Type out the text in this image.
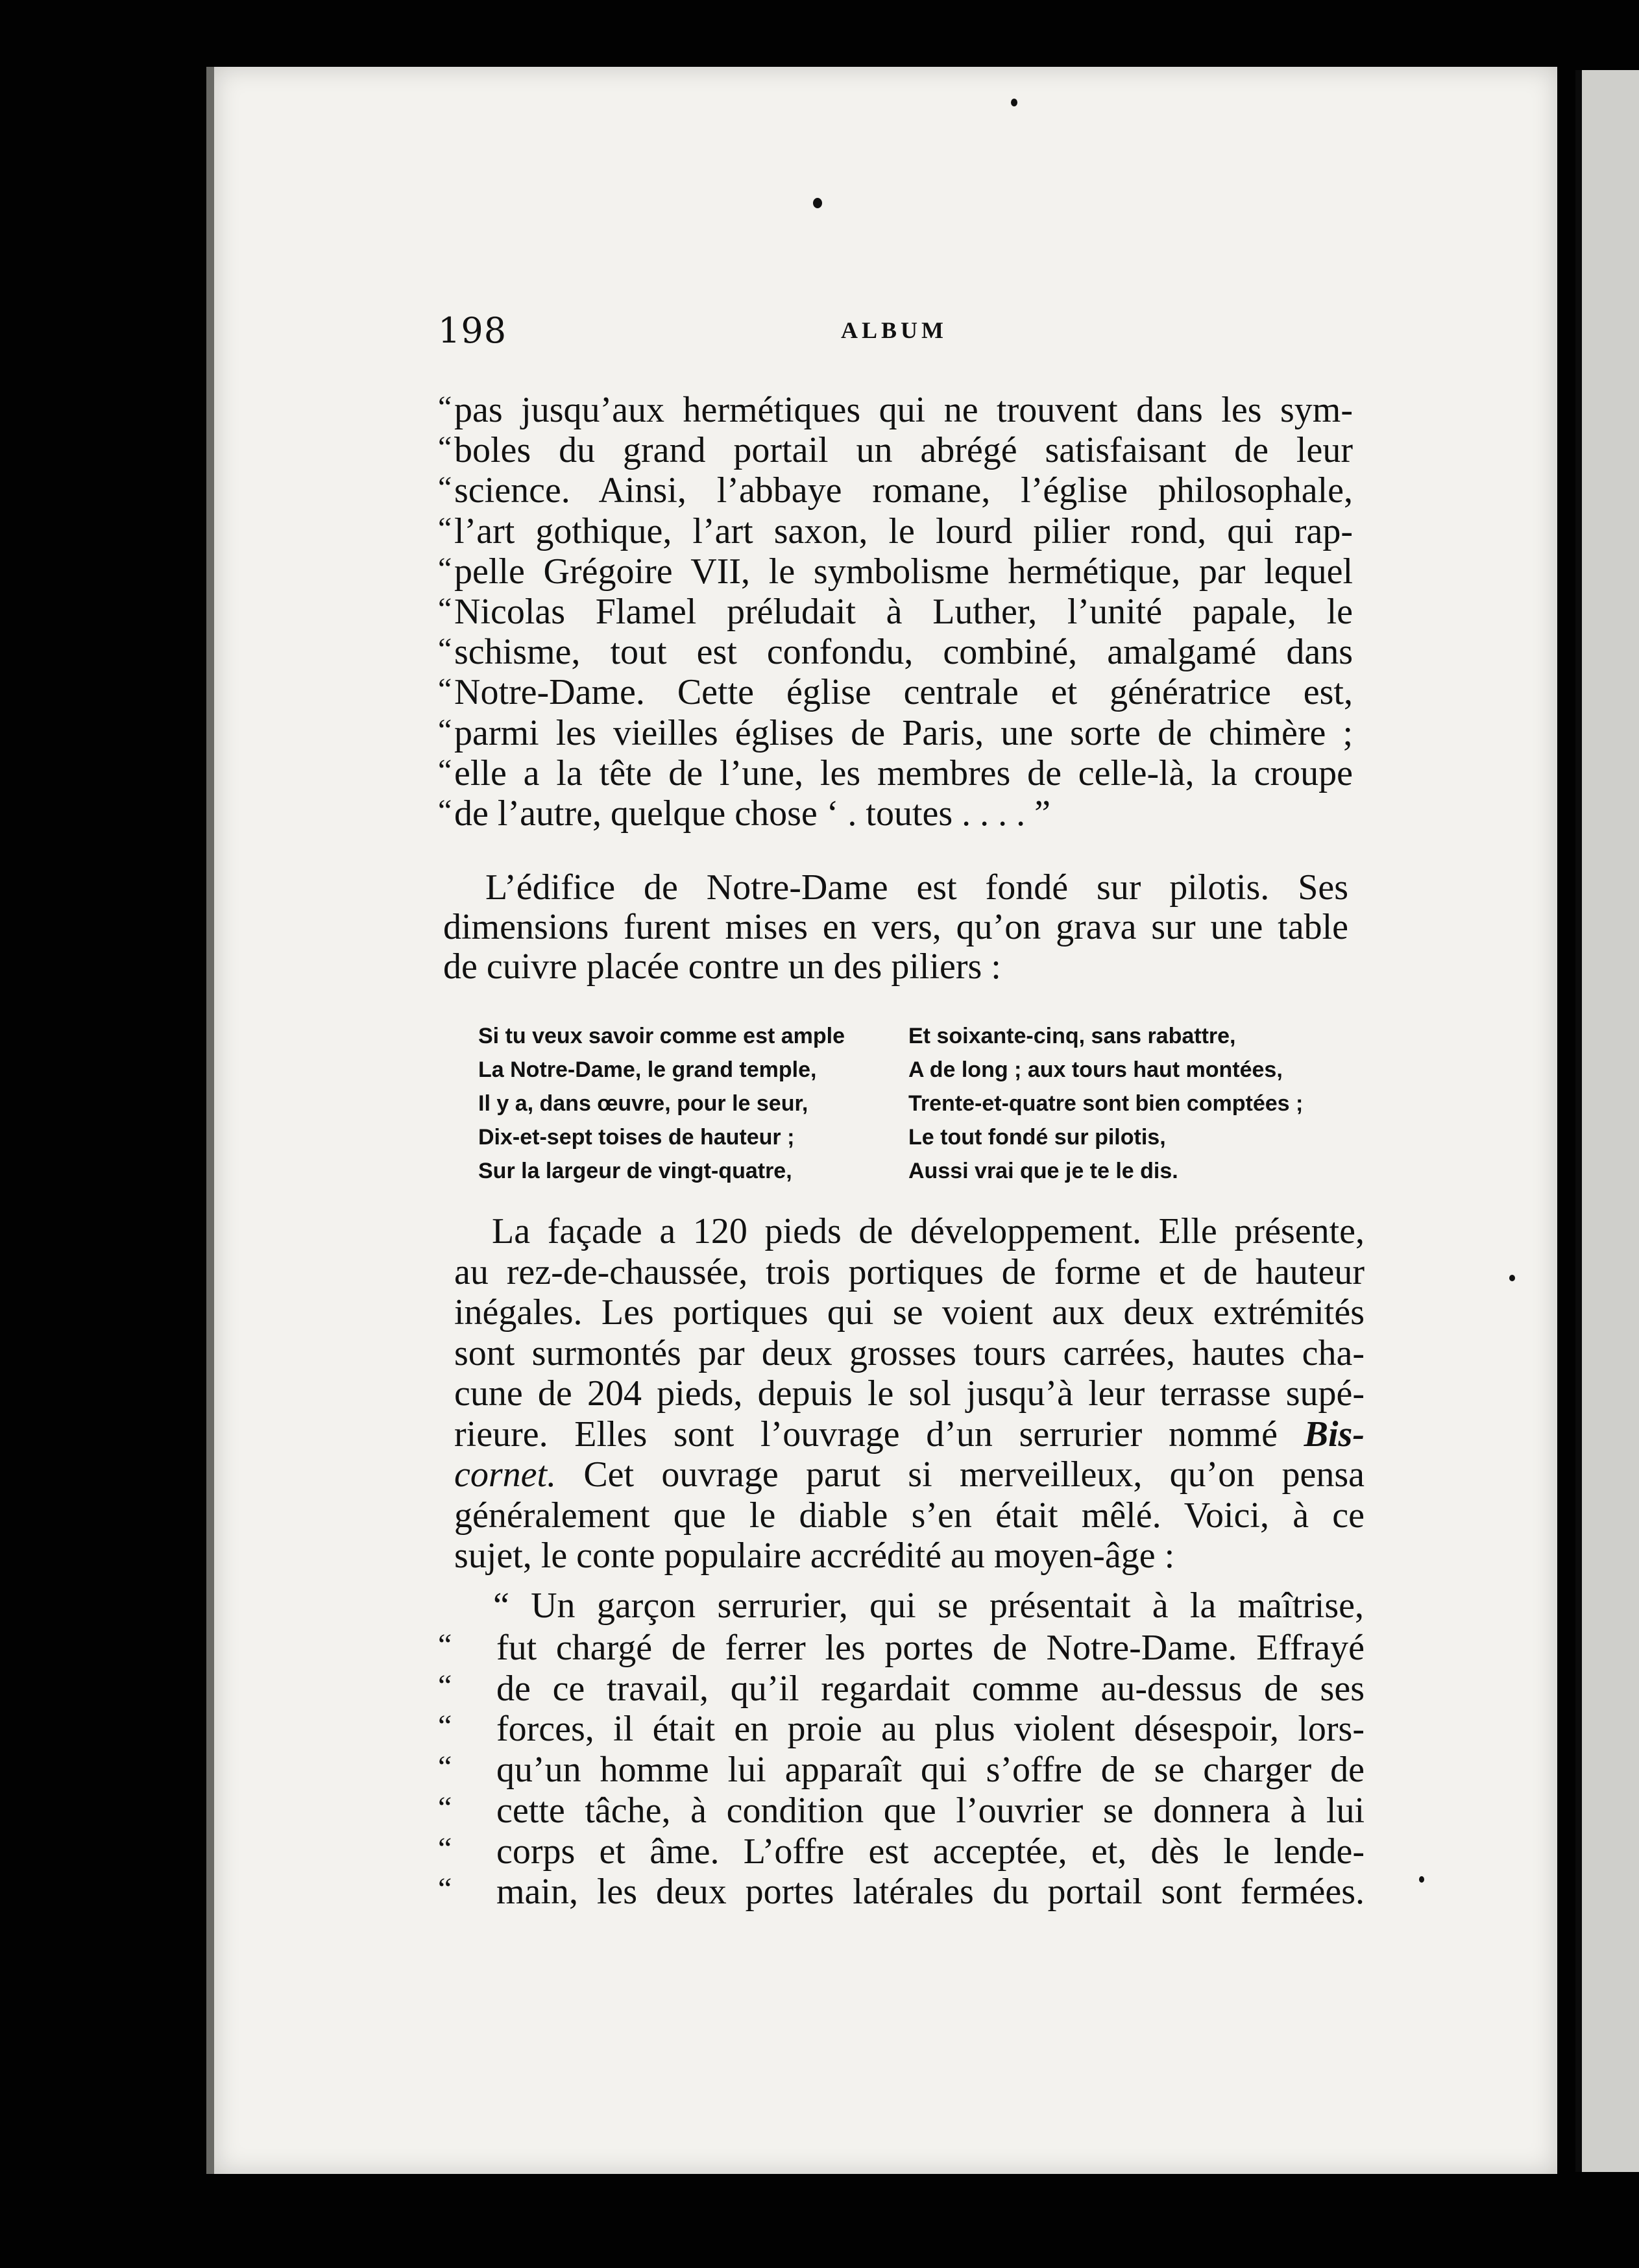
198	ALBUM
“ pas jusqu’aux hermétiques qui ne trouvent dans les sym-
“ boles du grand portail un abrégé satisfaisant de leur
“ science. Ainsi, l’abbaye romane, l’église philosophale,
“ l’art gothique, l’art saxon, le lourd pilier rond, qui rap-
“ pelle Grégoire VII, le symbolisme hermétique, par lequel
“ Nicolas Flamel préludait à Luther, l’unité papale, le
“ schisme, tout est confondu, combiné, amalgamé dans
“ Notre-Dame. Cette église centrale et génératrice est,
“ parmi les vieilles églises de Paris, une sorte de chimère ;
“ elle a la tête de l’une, les membres de celle-là, la croupe
“ de l’autre, quelque chose ‘ . toutes . . . . ”
L’édifice de Notre-Dame est fondé sur pilotis. Ses
dimensions furent mises en vers, qu’on grava sur une table
de cuivre placée contre un des piliers :
Si tu veux savoir comme est ample
La Notre-Dame, le grand temple,
Il y a, dans œuvre, pour le seur,
Dix-et-sept toises de hauteur ;
Sur la largeur de vingt-quatre,
Et soixante-cinq, sans rabattre,
A de long ; aux tours haut montées,
Trente-et-quatre sont bien comptées ;
Le tout fondé sur pilotis,
Aussi vrai que je te le dis.
La façade a 120 pieds de développement. Elle présente,
au rez-de-chaussée, trois portiques de forme et de hauteur
inégales. Les portiques qui se voient aux deux extrémités
sont surmontés par deux grosses tours carrées, hautes cha-
cune de 204 pieds, depuis le sol jusqu’à leur terrasse supé-
rieure. Elles sont l’ouvrage d’un serrurier nommé Bis-
cornet. Cet ouvrage parut si merveilleux, qu’on pensa
généralement que le diable s’en était mêlé. Voici, à ce
sujet, le conte populaire accrédité au moyen-âge :
“ Un garçon serrurier, qui se présentait à la maîtrise,
“ fut chargé de ferrer les portes de Notre-Dame. Effrayé
“ de ce travail, qu’il regardait comme au-dessus de ses
“ forces, il était en proie au plus violent désespoir, lors-
“ qu’un homme lui apparaît qui s’offre de se charger de
“ cette tâche, à condition que l’ouvrier se donnera à lui
“ corps et âme. L’offre est acceptée, et, dès le lende-
“ main, les deux portes latérales du portail sont fermées.
